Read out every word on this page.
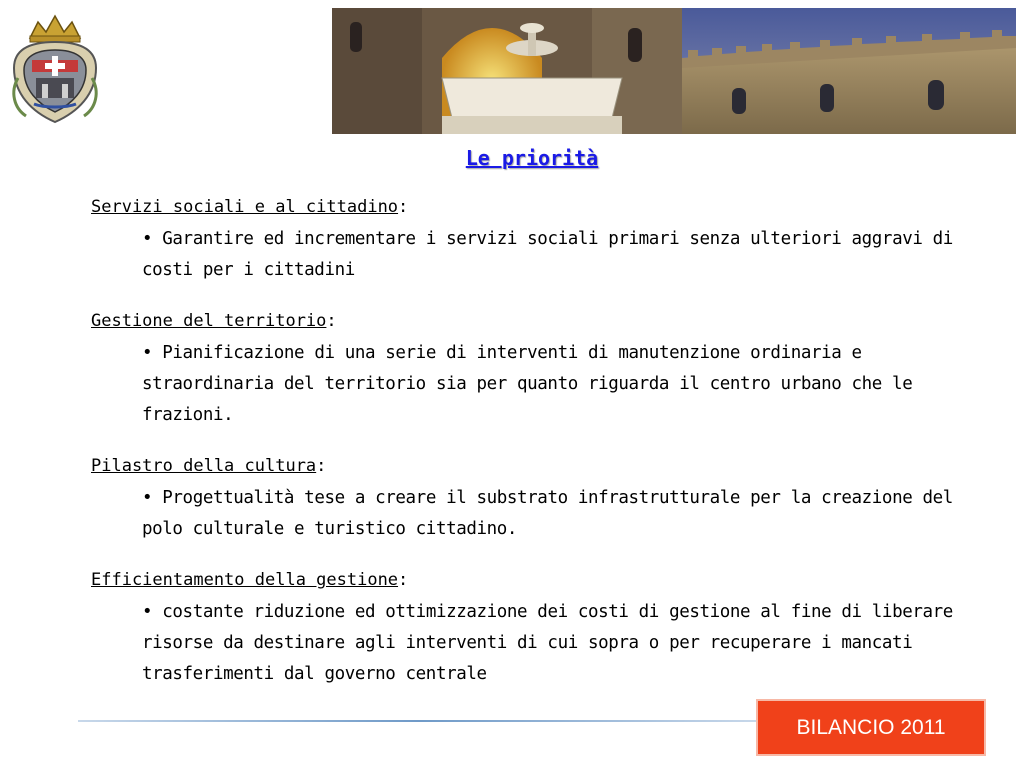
Le priorità
Servizi sociali e al cittadino:
• Garantire ed incrementare i servizi sociali primari senza ulteriori aggravi di costi per i cittadini
Gestione del territorio:
• Pianificazione di una serie di interventi di manutenzione ordinaria e straordinaria del territorio sia per quanto riguarda il centro urbano che le frazioni.
Pilastro della cultura:
• Progettualità tese a creare il substrato infrastrutturale per la creazione del polo culturale e turistico cittadino.
Efficientamento della gestione:
• costante riduzione ed ottimizzazione dei costi di gestione al fine di liberare risorse da destinare agli interventi di cui sopra o per recuperare i mancati trasferimenti dal governo centrale
BILANCIO 2011
